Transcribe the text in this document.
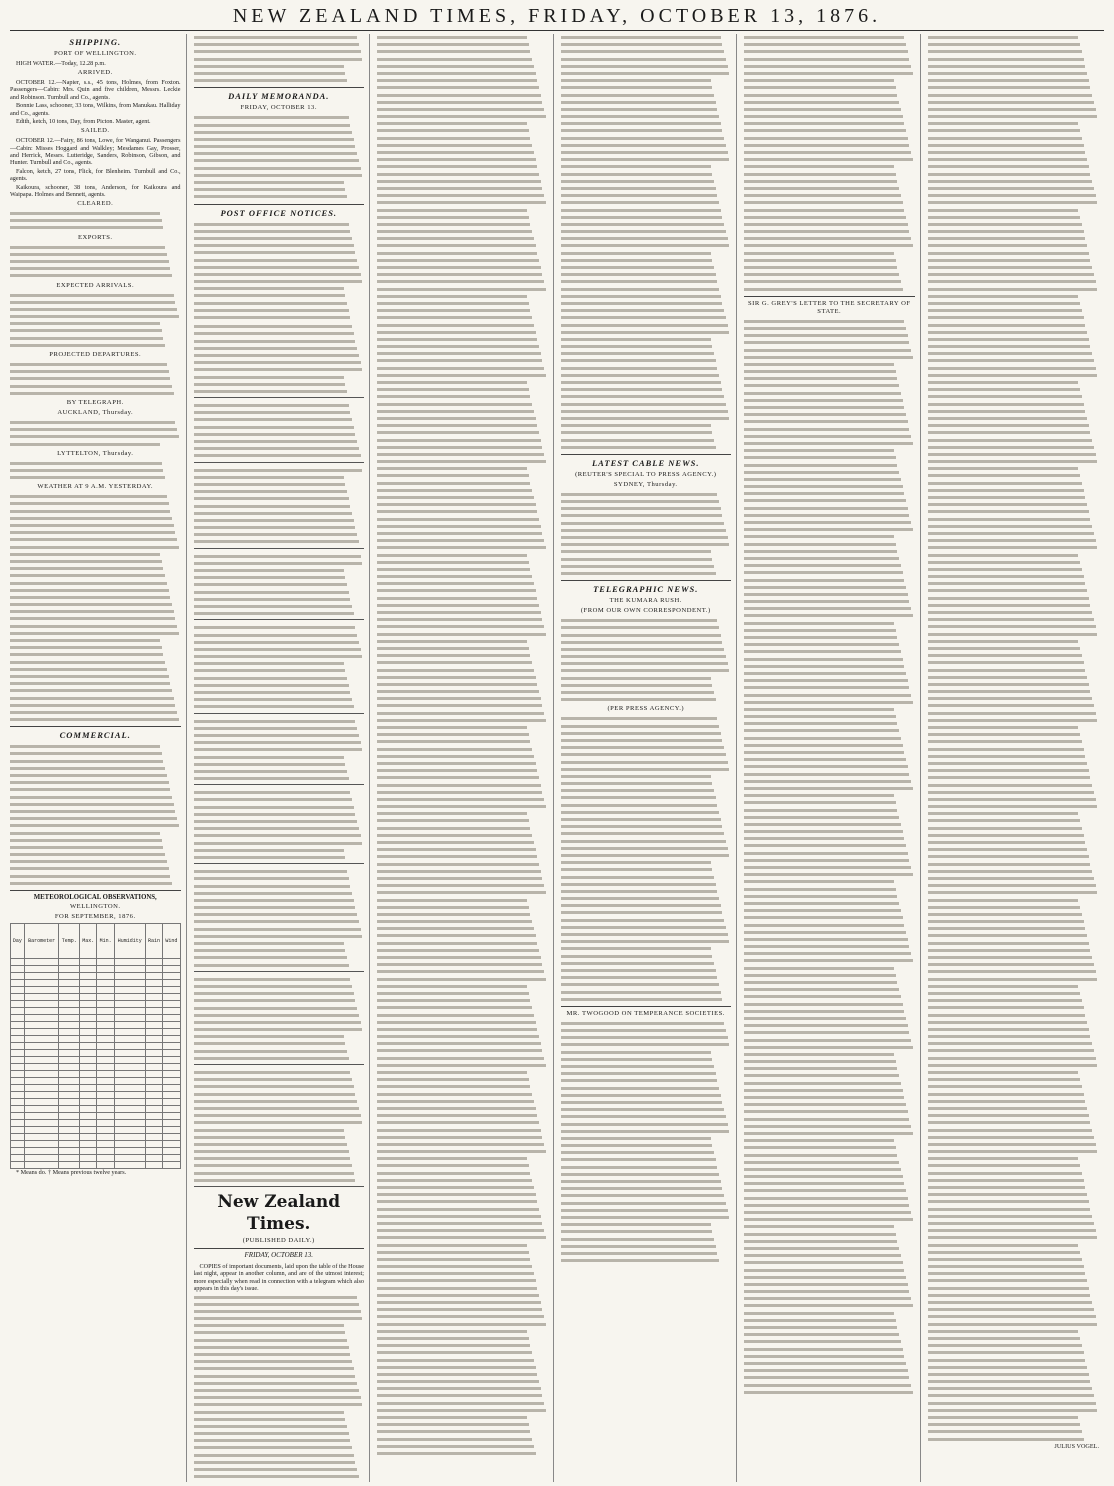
NEW ZEALAND TIMES, FRIDAY, OCTOBER 13, 1876.
SHIPPING.
PORT OF WELLINGTON.
HIGH WATER.—Today, 12.28 p.m.
ARRIVED.
OCTOBER 12.—Napier, s.s., 45 tons, Holmes, from Foxton. Passengers—Cabin: Mrs. Quin and five children, Messrs. Leckie and Robinson. Turnbull and Co., agents.
Bonnie Lass, schooner, 33 tons, Wilkins, from Manukau. Halliday and Co., agents.
Edith, ketch, 10 tons, Day, from Picton. Master, agent.
SAILED.
OCTOBER 12.—Fairy, 86 tons, Lowe, for Wanganui. Passengers—Cabin: Misses Hoggard and Walkley; Mesdames Gay, Prosser, and Herrick, Messrs. Lutteridge, Sanders, Robinson, Gibson, and Hunter. Turnbull and Co., agents.
Falcon, ketch, 27 tons, Flick, for Blenheim. Turnbull and Co., agents.
Kaikoura, schooner, 38 tons, Anderson, for Kaikoura and Waipapa. Holmes and Bennett, agents.
CLEARED.
EXPORTS.
EXPECTED ARRIVALS.
PROJECTED DEPARTURES.
BY TELEGRAPH.
AUCKLAND, Thursday.
LYTTELTON, Thursday.
WEATHER AT 9 A.M. YESTERDAY.
COMMERCIAL.
METEOROLOGICAL OBSERVATIONS,
WELLINGTON.
FOR SEPTEMBER, 1876.
Day	Barometer	Temp.	Max.	Min.	Humidity	Rain	Wind

* Means do. † Means previous twelve years.
DAILY MEMORANDA.
FRIDAY, OCTOBER 13.
POST OFFICE NOTICES.
New Zealand Times.
(PUBLISHED DAILY.)
FRIDAY, OCTOBER 13.
COPIES of important documents, laid upon the table of the House last night, appear in another column, and are of the utmost interest; more especially when read in connection with a telegram which also appears in this day's issue.
LATEST CABLE NEWS.
(REUTER'S SPECIAL TO PRESS AGENCY.)
SYDNEY, Thursday.
TELEGRAPHIC NEWS.
THE KUMARA RUSH.
(FROM OUR OWN CORRESPONDENT.)
(PER PRESS AGENCY.)
MR. TWOGOOD ON TEMPERANCE SOCIETIES.
SIR G. GREY'S LETTER TO THE SECRETARY OF STATE.
JULIUS VOGEL.
